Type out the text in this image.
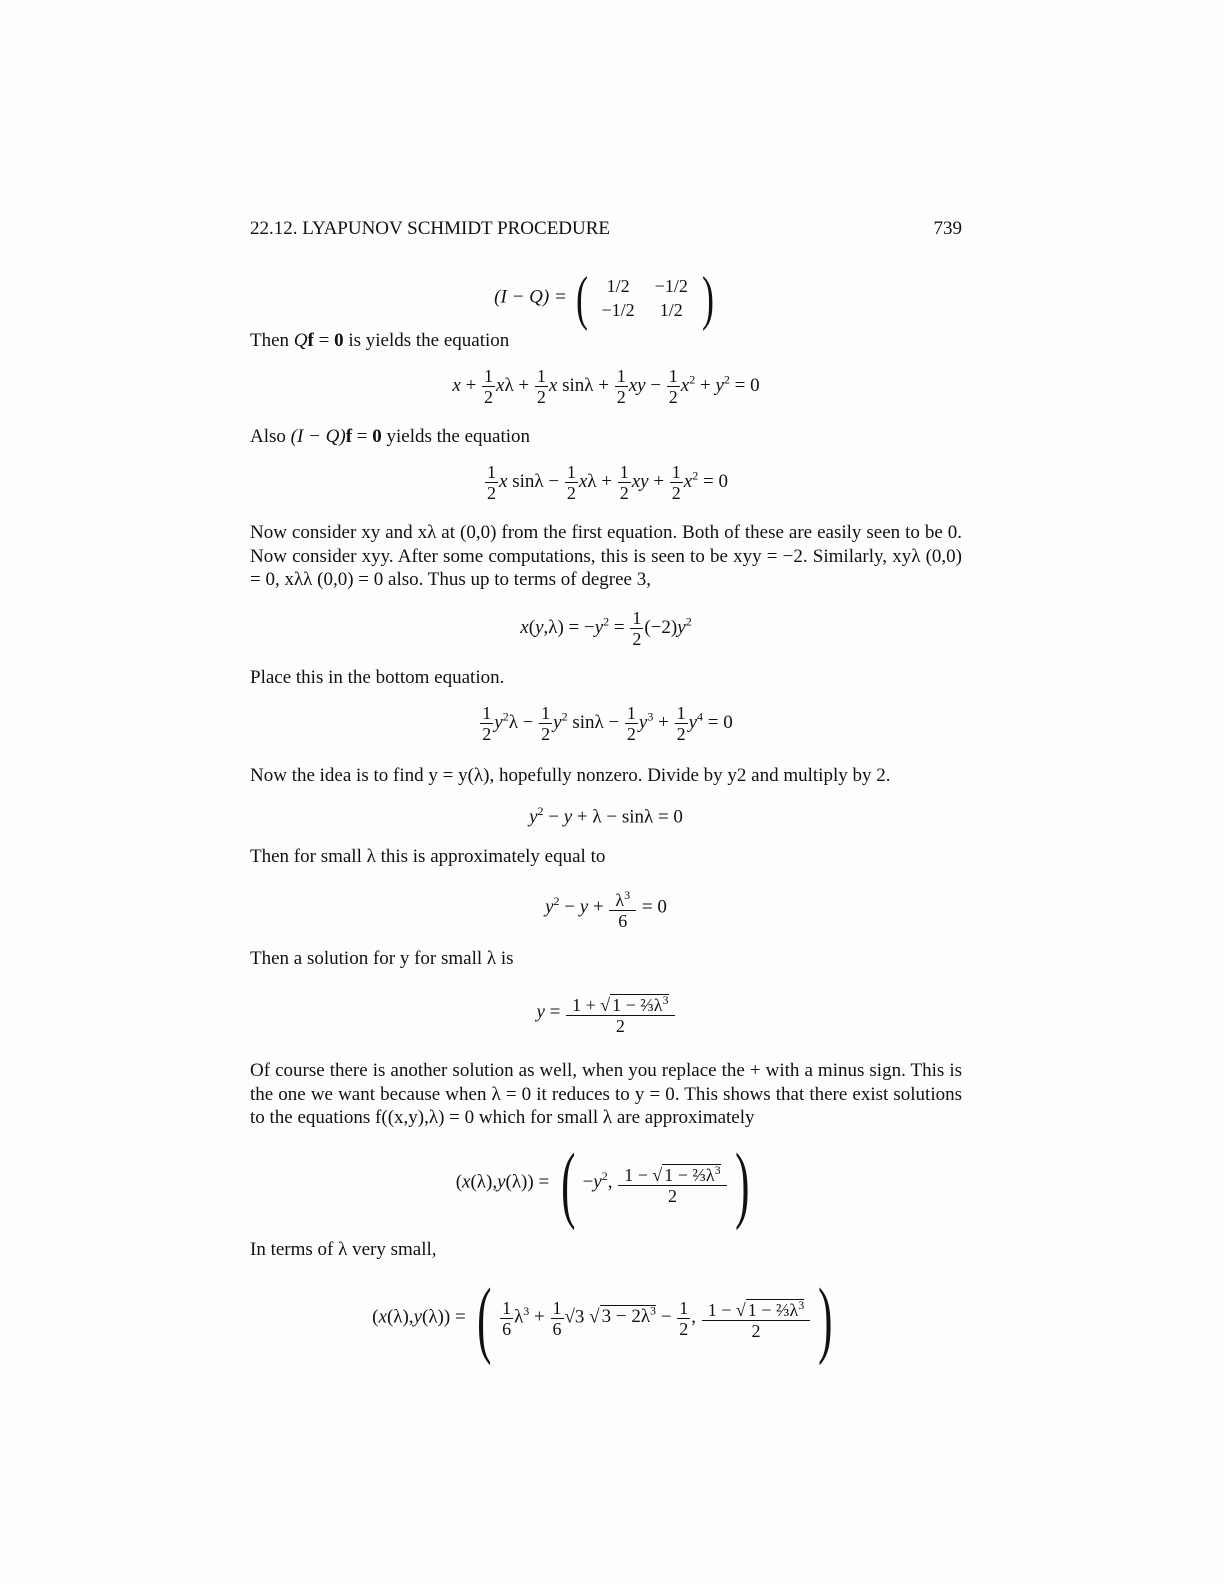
22.12. LYAPUNOV SCHMIDT PROCEDURE	739
(I − Q) = ( 1/2	−1/2
−1/2	1/2 )
Then Qf = 0 is yields the equation
$x + \frac{1}{2}$ $x\lambda + \frac{1}{2}$ x $\sin\lambda + \frac{1}{2}$ xy − $\frac{1}{2} x^2 + y^2 = 0$
Also (I − Q)f = 0 yields the equation
$\frac{1}{2}$ x $\sin\lambda - \frac{1}{2}$ $x\lambda + \frac{1}{2}$ xy + $\frac{1}{2} x^2 = 0$
Now consider xy and xλ at (0,0) from the first equation. Both of these are easily seen to be 0. Now consider xyy. After some computations, this is seen to be xyy = −2. Similarly, xyλ (0,0) = 0, xλλ (0,0) = 0 also. Thus up to terms of degree 3,
$x(y,\lambda) = -y^2 = \frac{1}{2} (-2)y^2$
Place this in the bottom equation.
$\frac{1}{2} y^2\lambda - \frac{1}{2} y^2$ $\sin\lambda - \frac{1}{2} y^3 + \frac{1}{2} y^4 = 0$
Now the idea is to find y = y(λ), hopefully nonzero. Divide by y2 and multiply by 2.
$y^2 - y + \lambda - \sin\lambda = 0$
Then for small λ this is approximately equal to
$y^2 - y + \frac{\lambda^3}{6} = 0$
Then a solution for y for small λ is
$y = \frac{1 + √ 1 - \frac{2}{3}\lambda^3}{2}$
Of course there is another solution as well, when you replace the + with a minus sign. This is the one we want because when λ = 0 it reduces to y = 0. This shows that there exist solutions to the equations f((x,y),λ) = 0 which for small λ are approximately
(x(λ),y(λ)) = ( $-y^2$, $\frac{1 - √ 1 - \frac{2}{3}\lambda^3}{2}$ )
In terms of λ very small,
(x(λ),y(λ)) = ( $\frac{1}{6} \lambda^3 + \frac{1}{6} √3$ √ $3 - 2\lambda^3 - \frac{1}{2}$ , $\frac{1 - √ 1 - \frac{2}{3}\lambda^3}{2}$ )
